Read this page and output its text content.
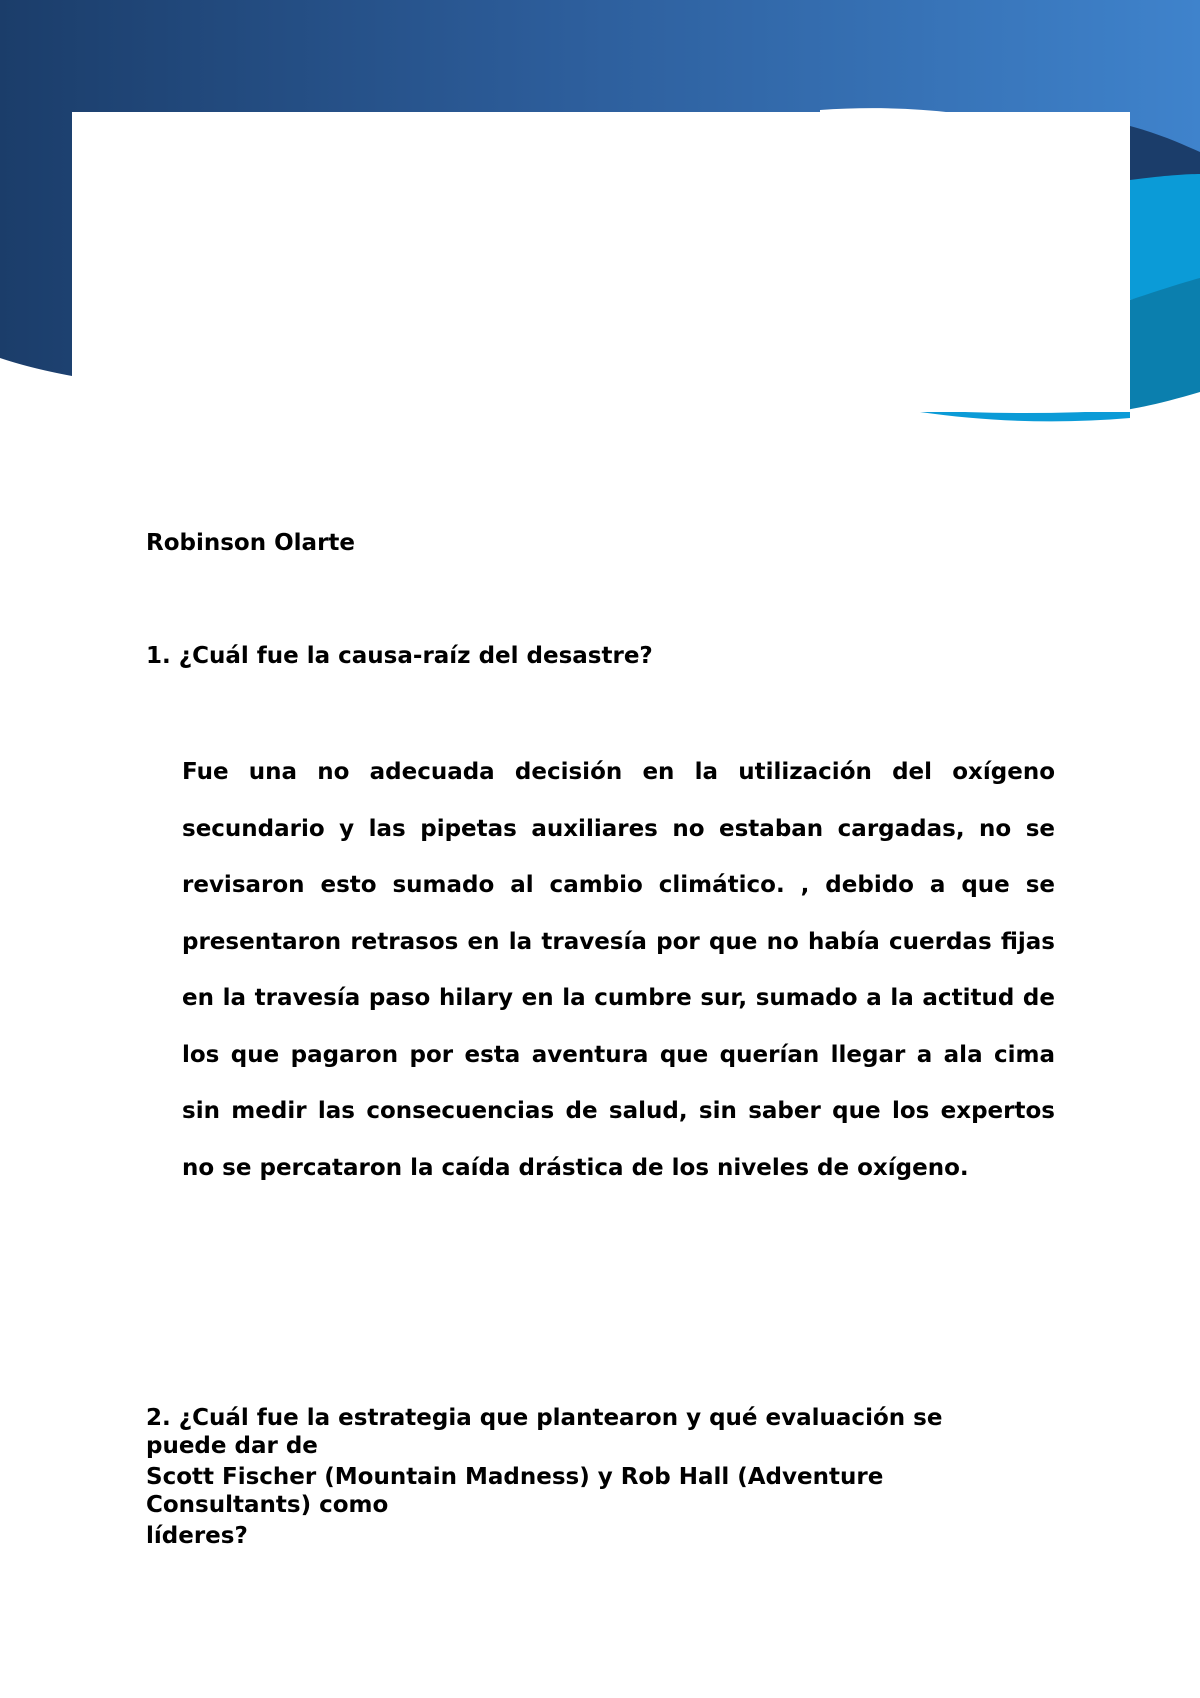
Robinson Olarte

1. ¿Cuál fue la causa-raíz del desastre?

Fue una no adecuada decisión en la utilización del oxígeno secundario y las pipetas auxiliares no estaban cargadas, no se revisaron esto sumado al cambio climático. , debido a que se presentaron retrasos en la travesía por que no había cuerdas fijas en la travesía paso hilary en la cumbre sur, sumado a la actitud de los que pagaron por esta aventura que querían llegar a ala cima sin medir las consecuencias de salud, sin saber que los expertos no se percataron la caída drástica de los niveles de oxígeno.

2. ¿Cuál fue la estrategia que plantearon y qué evaluación se puede dar de
Scott Fischer (Mountain Madness) y Rob Hall (Adventure Consultants) como
líderes?
